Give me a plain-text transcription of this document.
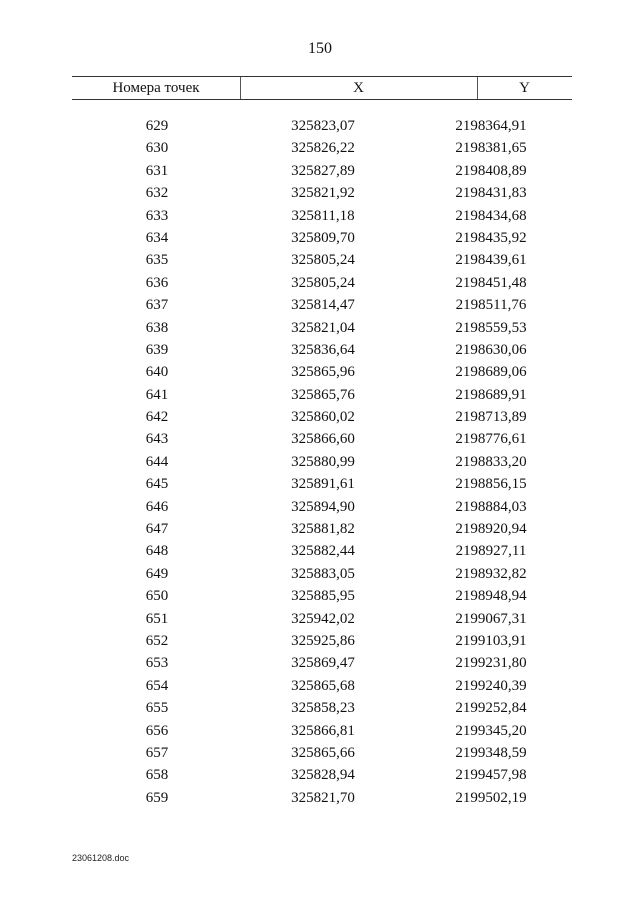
150
Номера точек	X	Y
629	325823,07	2198364,91
630	325826,22	2198381,65
631	325827,89	2198408,89
632	325821,92	2198431,83
633	325811,18	2198434,68
634	325809,70	2198435,92
635	325805,24	2198439,61
636	325805,24	2198451,48
637	325814,47	2198511,76
638	325821,04	2198559,53
639	325836,64	2198630,06
640	325865,96	2198689,06
641	325865,76	2198689,91
642	325860,02	2198713,89
643	325866,60	2198776,61
644	325880,99	2198833,20
645	325891,61	2198856,15
646	325894,90	2198884,03
647	325881,82	2198920,94
648	325882,44	2198927,11
649	325883,05	2198932,82
650	325885,95	2198948,94
651	325942,02	2199067,31
652	325925,86	2199103,91
653	325869,47	2199231,80
654	325865,68	2199240,39
655	325858,23	2199252,84
656	325866,81	2199345,20
657	325865,66	2199348,59
658	325828,94	2199457,98
659	325821,70	2199502,19
23061208.doc
